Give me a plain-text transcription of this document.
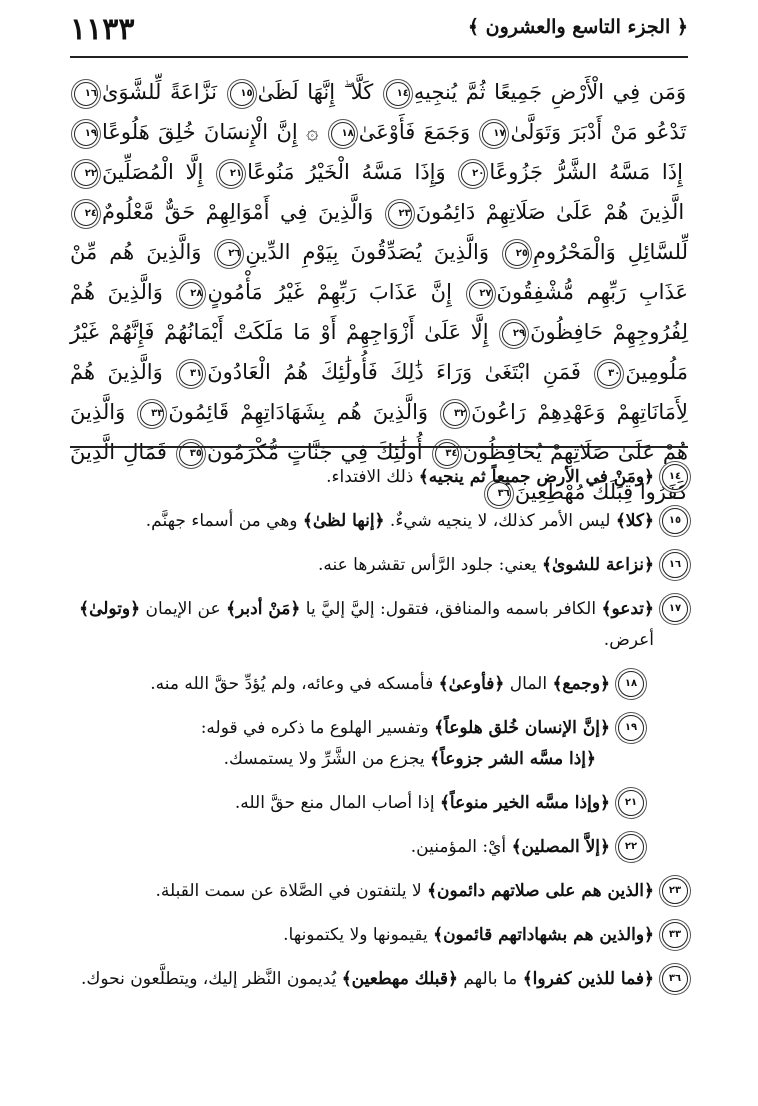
١١٣٣	﴿ الجزء التاسع والعشرون ﴾
وَمَن فِي الْأَرْضِ جَمِيعًا ثُمَّ يُنجِيهِ١٤ كَلَّا ۖ إِنَّهَا لَظَىٰ١٥ نَزَّاعَةً لِّلشَّوَىٰ١٦ تَدْعُو مَنْ أَدْبَرَ وَتَوَلَّىٰ١٧ وَجَمَعَ فَأَوْعَىٰ١٨ ۞ إِنَّ الْإِنسَانَ خُلِقَ هَلُوعًا١٩ إِذَا مَسَّهُ الشَّرُّ جَزُوعًا٢٠ وَإِذَا مَسَّهُ الْخَيْرُ مَنُوعًا٢١ إِلَّا الْمُصَلِّينَ٢٢ الَّذِينَ هُمْ عَلَىٰ صَلَاتِهِمْ دَائِمُونَ٢٣ وَالَّذِينَ فِي أَمْوَالِهِمْ حَقٌّ مَّعْلُومٌ٢٤ لِّلسَّائِلِ وَالْمَحْرُومِ٢٥ وَالَّذِينَ يُصَدِّقُونَ بِيَوْمِ الدِّينِ٢٦ وَالَّذِينَ هُم مِّنْ عَذَابِ رَبِّهِم مُّشْفِقُونَ٢٧ إِنَّ عَذَابَ رَبِّهِمْ غَيْرُ مَأْمُونٍ٢٨ وَالَّذِينَ هُمْ لِفُرُوجِهِمْ حَافِظُونَ٢٩ إِلَّا عَلَىٰ أَزْوَاجِهِمْ أَوْ مَا مَلَكَتْ أَيْمَانُهُمْ فَإِنَّهُمْ غَيْرُ مَلُومِينَ٣٠ فَمَنِ ابْتَغَىٰ وَرَاءَ ذَٰلِكَ فَأُولَٰئِكَ هُمُ الْعَادُونَ٣١ وَالَّذِينَ هُمْ لِأَمَانَاتِهِمْ وَعَهْدِهِمْ رَاعُونَ٣٢ وَالَّذِينَ هُم بِشَهَادَاتِهِمْ قَائِمُونَ٣٣ وَالَّذِينَ هُمْ عَلَىٰ صَلَاتِهِمْ يُحَافِظُونَ٣٤ أُولَٰئِكَ فِي جَنَّاتٍ مُّكْرَمُونَ٣٥ فَمَالِ الَّذِينَ كَفَرُوا قِبَلَكَ مُهْطِعِينَ٣٦
١٤
﴿ومَنْ في الأرض جميعاً ثم ينجيه﴾ ذلك الافتداء.
١٥
﴿كلا﴾ ليس الأمر كذلك، لا ينجيه شيءٌ. ﴿إنها لظىٰ﴾ وهي من أسماء جهنَّم.
١٦
﴿نزاعة للشوىٰ﴾ يعني: جلود الرَّأس تقشرها عنه.
١٧
﴿تدعو﴾ الكافر باسمه والمنافق، فتقول: إليَّ إليَّ يا ﴿مَنْ أدبر﴾ عن الإيمان ﴿وتولىٰ﴾ أعرض.
١٨
﴿وجمع﴾ المال ﴿فأوعىٰ﴾ فأمسكه في وعائه، ولم يُؤدِّ حقَّ الله منه.
١٩
﴿إنَّ الإنسان خُلق هلوعاً﴾ وتفسير الهلوع ما ذكره في قوله:
﴿إذا مسَّه الشر جزوعاً﴾ يجزع من الشَّرِّ ولا يستمسك.
٢١
﴿وإذا مسَّه الخير منوعاً﴾ إذا أصاب المال منع حقَّ الله.
٢٢
﴿إلاَّ المصلين﴾ أيْ: المؤمنين.
٢٣
﴿الذين هم على صلاتهم دائمون﴾ لا يلتفتون في الصَّلاة عن سمت القبلة.
٣٣
﴿والذين هم بشهاداتهم قائمون﴾ يقيمونها ولا يكتمونها.
٣٦
﴿فما للذين كفروا﴾ ما بالهم ﴿قبلك مهطعين﴾ يُديمون النَّظر إليك، ويتطلَّعون نحوك.
